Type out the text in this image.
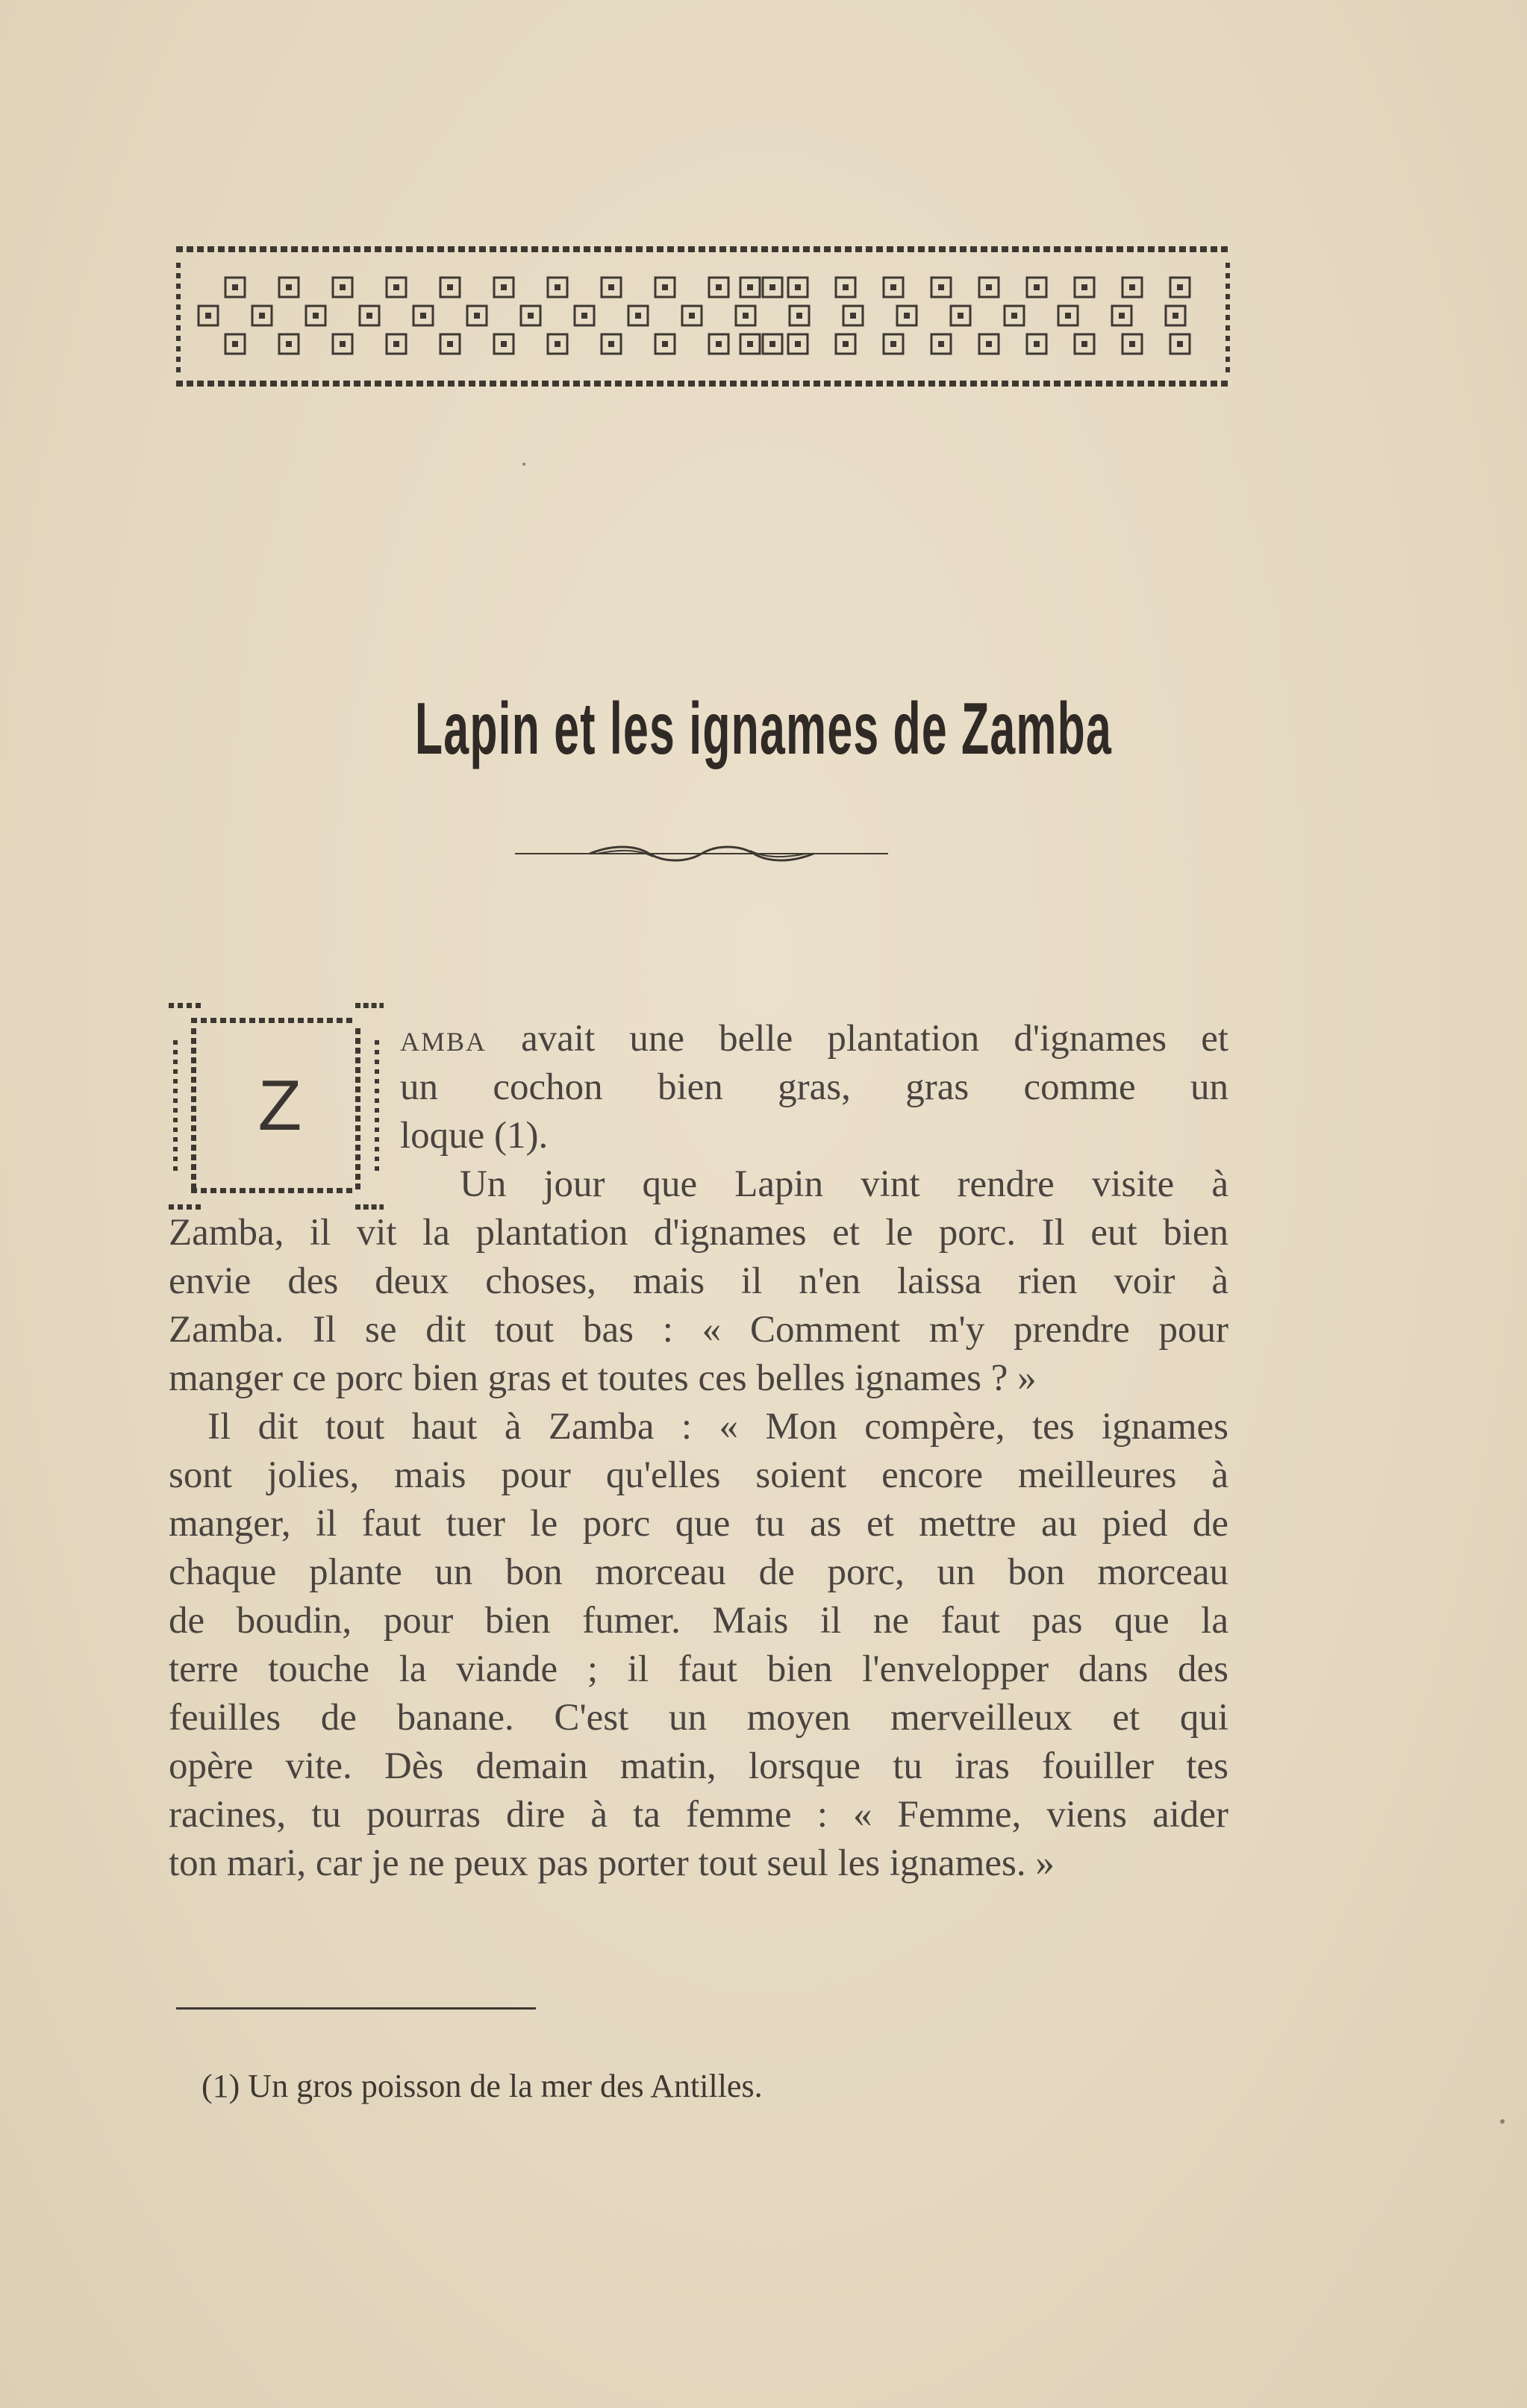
Lapin et les ignames de Zamba
Z
amba avait une belle plantation d'ignames et
un cochon bien gras, gras comme un
loque (1).
Un jour que Lapin vint rendre visite à
Zamba, il vit la plantation d'ignames et le porc. Il eut bien
envie des deux choses, mais il n'en laissa rien voir à
Zamba. Il se dit tout bas : « Comment m'y prendre pour
manger ce porc bien gras et toutes ces belles ignames ? »
Il dit tout haut à Zamba : « Mon compère, tes ignames
sont jolies, mais pour qu'elles soient encore meilleures à
manger, il faut tuer le porc que tu as et mettre au pied de
chaque plante un bon morceau de porc, un bon morceau
de boudin, pour bien fumer. Mais il ne faut pas que la
terre touche la viande ; il faut bien l'envelopper dans des
feuilles de banane. C'est un moyen merveilleux et qui
opère vite. Dès demain matin, lorsque tu iras fouiller tes
racines, tu pourras dire à ta femme : « Femme, viens aider
ton mari, car je ne peux pas porter tout seul les ignames. »
(1) Un gros poisson de la mer des Antilles.
